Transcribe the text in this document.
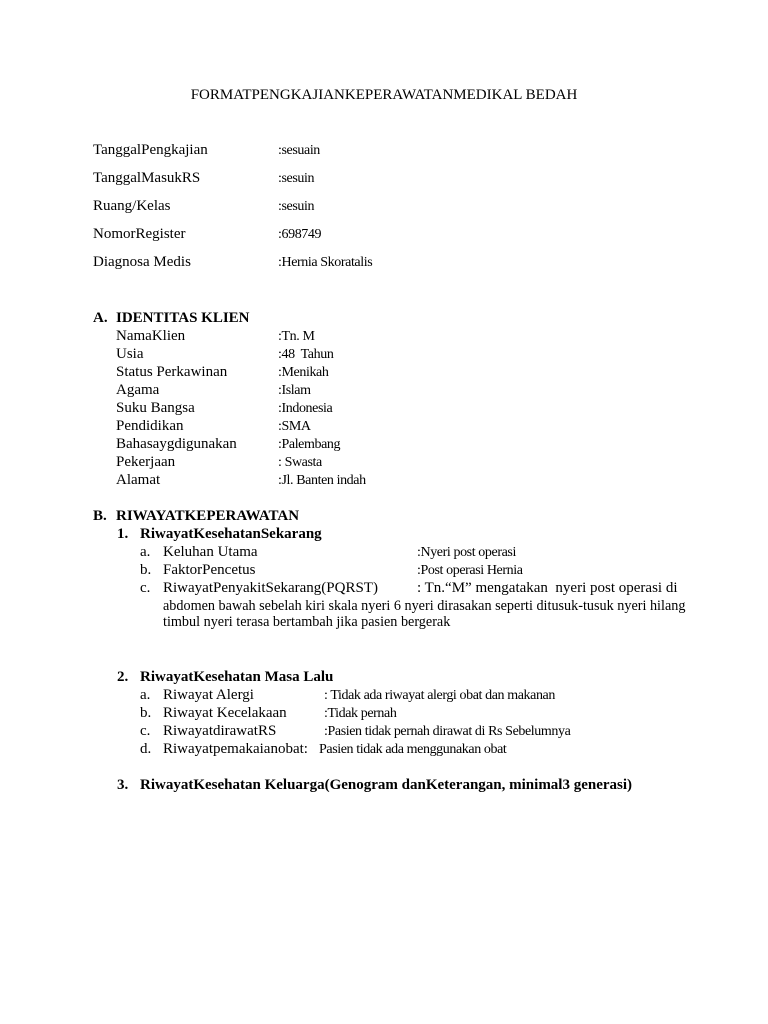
FORMATPENGKAJIANKEPERAWATANMEDIKAL BEDAH
TanggalPengkajian	:sesuain
TanggalMasukRS	:sesuin
Ruang/Kelas	:sesuin
NomorRegister	:698749
Diagnosa Medis	:Hernia Skoratalis
A. IDENTITAS KLIEN
NamaKlien	:Tn. M
Usia	:48  Tahun
Status Perkawinan	:Menikah
Agama	:Islam
Suku Bangsa	:Indonesia
Pendidikan	:SMA
Bahasaygdigunakan	:Palembang
Pekerjaan	: Swasta
Alamat	:Jl. Banten indah
B. RIWAYATKEPERAWATAN
1. RiwayatKesehatanSekarang
a. Keluhan Utama	:Nyeri post operasi
b. FaktorPencetus	:Post operasi Hernia
c. RiwayatPenyakitSekarang(PQRST)	: Tn.“M” mengatakan  nyeri post operasi di
abdomen bawah sebelah kiri skala nyeri 6 nyeri dirasakan seperti ditusuk-tusuk nyeri hilang
timbul nyeri terasa bertambah jika pasien bergerak
2. RiwayatKesehatan Masa Lalu
a. Riwayat Alergi	: Tidak ada riwayat alergi obat dan makanan
b. Riwayat Kecelakaan	:Tidak pernah
c. RiwayatdirawatRS	:Pasien tidak pernah dirawat di Rs Sebelumnya
d. Riwayatpemakaianobat: Pasien tidak ada menggunakan obat
3. RiwayatKesehatan Keluarga(Genogram danKeterangan, minimal3 generasi)
